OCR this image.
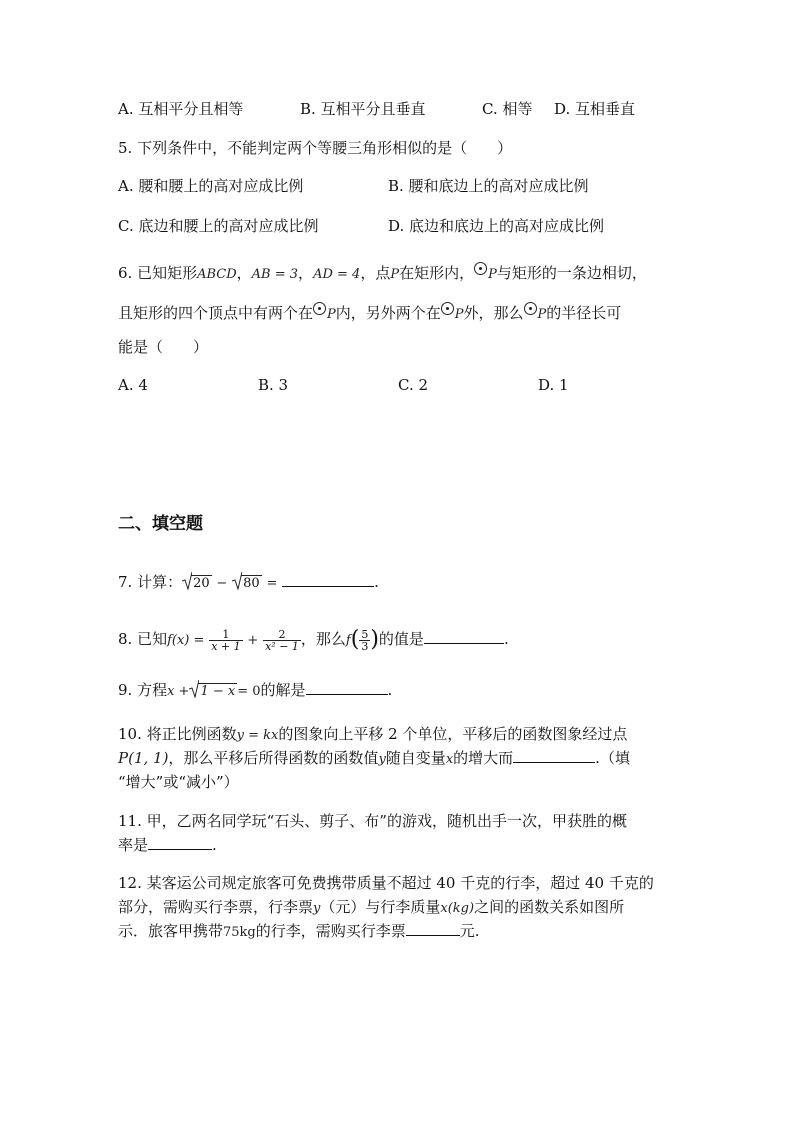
A. 互相平分且相等	B. 互相平分且垂直	C. 相等 D. 互相垂直
5. 下列条件中，不能判定两个等腰三角形相似的是（　　）
A. 腰和腰上的高对应成比例	B. 腰和底边上的高对应成比例
C. 底边和腰上的高对应成比例	D. 底边和底边上的高对应成比例
6. 已知矩形ABCD，AB = 3，AD = 4，点P在矩形内， P与矩形的一条边相切，
且矩形的四个顶点中有两个在 P内，另外两个在 P外，那么 P的半径长可
能是（　　）
A. 4	B. 3	C. 2	D. 1
二、填空题
7. 计算： 20 − 80 =	.
8. 已知$f(x) = \frac{1}{x + 1} + \frac{2}{\text{x² − 1}}$ ，那么$f( \frac{5}{3}$ )的值是	.
9. 方程x + 1 − x = 0的解是	.
10. 将正比例函数y = kx的图象向上平移 2 个单位，平移后的函数图象经过点
P(1, 1)，那么平移后所得函数的函数值y随自变量x的增大而	.（填
“增大”或“减小”）
11. 甲，乙两名同学玩“石头、剪子、布”的游戏，随机出手一次，甲获胜的概
率是	.
12. 某客运公司规定旅客可免费携带质量不超过 40 千克的行李，超过 40 千克的
部分，需购买行李票，行李票y（元）与行李质量x(kg)之间的函数关系如图所
示．旅客甲携带75kg的行李，需购买行李票	元.
